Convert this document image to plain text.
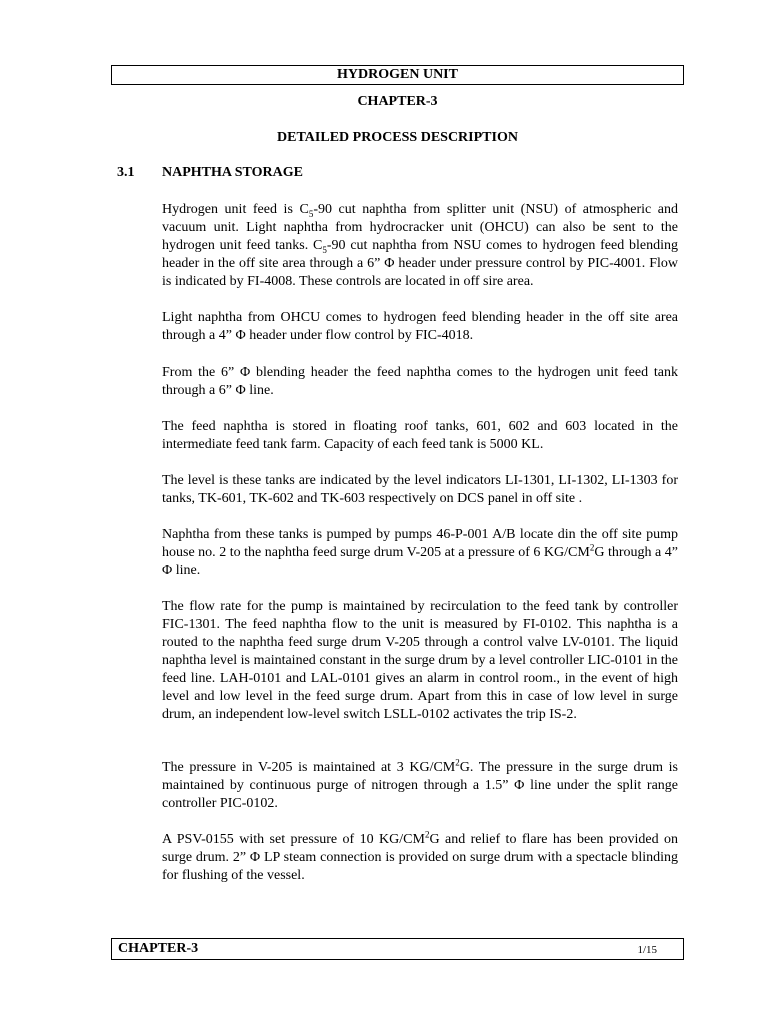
HYDROGEN UNIT
CHAPTER-3
DETAILED PROCESS DESCRIPTION
3.1 NAPHTHA STORAGE

Hydrogen unit feed is $C_5-90$ cut naphtha from splitter unit (NSU) of atmospheric and vacuum unit. Light naphtha from hydrocracker unit (OHCU) can also be sent to the hydrogen unit feed tanks. $C_5-90$ cut naphtha from NSU comes to hydrogen feed blending header in the off site area through a 6” Φ header under pressure control by PIC-4001. Flow is indicated by FI-4008. These controls are located in off sire area.

Light naphtha from OHCU comes to hydrogen feed blending header in the off site area through a 4” Φ header under flow control by FIC-4018.

From the 6” Φ blending header the feed naphtha comes to the hydrogen unit feed tank through a 6” Φ line.

The feed naphtha is stored in floating roof tanks, 601, 602 and 603 located in the intermediate feed tank farm. Capacity of each feed tank is 5000 KL.

The level is these tanks are indicated by the level indicators LI-1301, LI-1302, LI-1303 for tanks, TK-601, TK-602 and TK-603 respectively on DCS panel in off site .

Naphtha from these tanks is pumped by pumps 46-P-001 A/B locate din the off site pump house no. 2 to the naphtha feed surge drum V-205 at a pressure of 6 $KG/CM^2G$ through a 4” Φ line.

The flow rate for the pump is maintained by recirculation to the feed tank by controller FIC-1301. The feed naphtha flow to the unit is measured by FI-0102. This naphtha is a routed to the naphtha feed surge drum V-205 through a control valve LV-0101. The liquid naphtha level is maintained constant in the surge drum by a level controller LIC-0101 in the feed line. LAH-0101 and LAL-0101 gives an alarm in control room., in the event of high level and low level in the feed surge drum. Apart from this in case of low level in surge drum, an independent low-level switch LSLL-0102 activates the trip IS-2.

The pressure in V-205 is maintained at 3 $KG/CM^2G$. The pressure in the surge drum is maintained by continuous purge of nitrogen through a 1.5” Φ line under the split range controller PIC-0102.

A PSV-0155 with set pressure of 10 $KG/CM^2G$ and relief to flare has been provided on surge drum. 2” Φ LP steam connection is provided on surge drum with a spectacle blinding for flushing of the vessel.

CHAPTER-3	1/15
